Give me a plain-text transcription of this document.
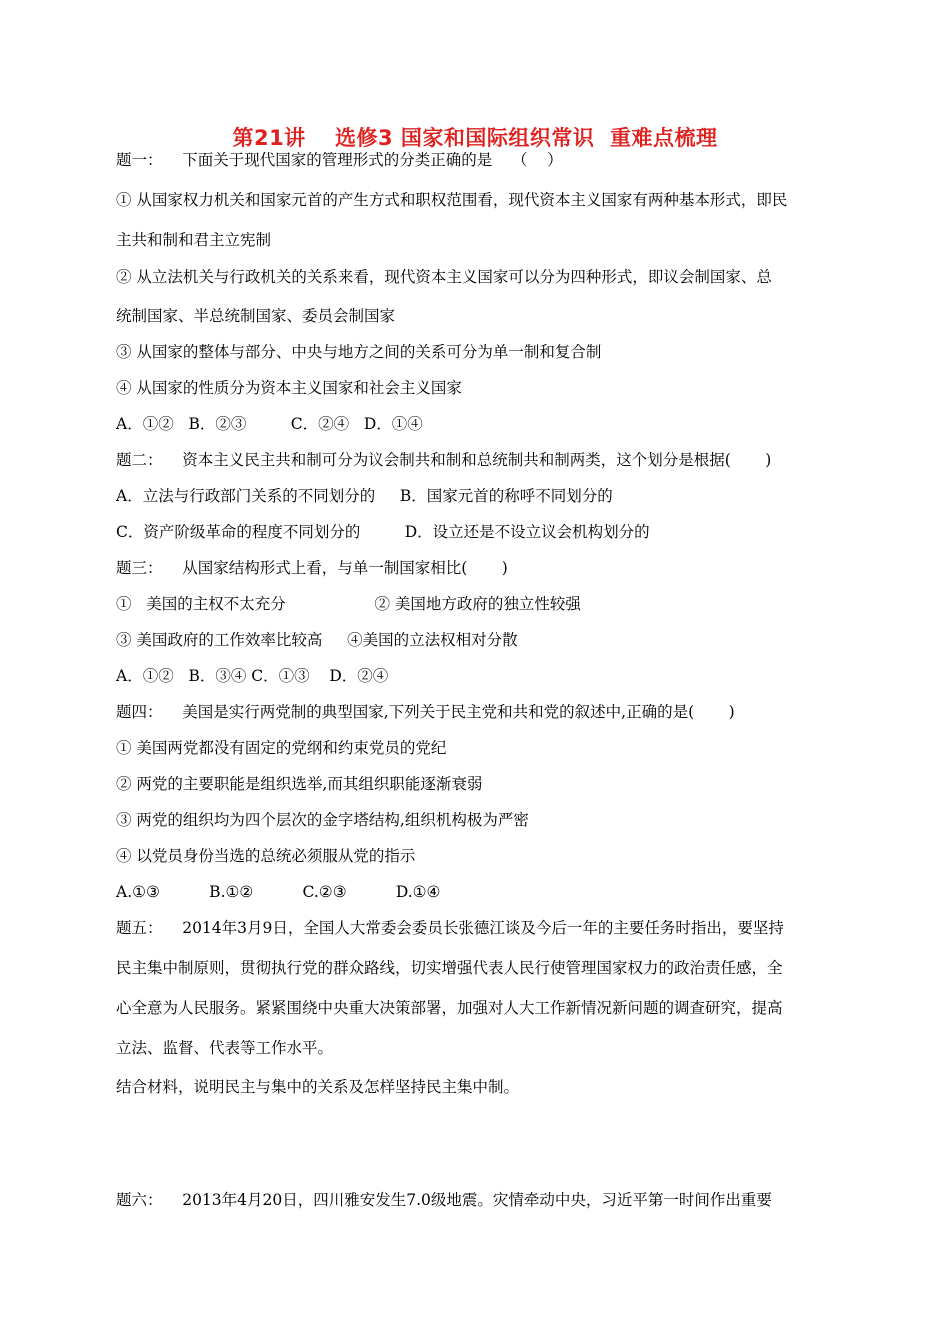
第21讲　 选修3 国家和国际组织常识  重难点梳理
题一：    下面关于现代国家的管理形式的分类正确的是    （    ）
① 从国家权力机关和国家元首的产生方式和职权范围看，现代资本主义国家有两种基本形式，即民
主共和制和君主立宪制
② 从立法机关与行政机关的关系来看，现代资本主义国家可以分为四种形式，即议会制国家、总
统制国家、半总统制国家、委员会制国家
③ 从国家的整体与部分、中央与地方之间的关系可分为单一制和复合制
④ 从国家的性质分为资本主义国家和社会主义国家
A．①②   B．②③         C．②④   D．①④
题二：    资本主义民主共和制可分为议会制共和制和总统制共和制两类，这个划分是根据(       )
A．立法与行政部门关系的不同划分的     B．国家元首的称呼不同划分的
C．资产阶级革命的程度不同划分的         D．设立还是不设立议会机构划分的
题三：    从国家结构形式上看，与单一制国家相比(       )
①   美国的主权不太充分                  ② 美国地方政府的独立性较强
③ 美国政府的工作效率比较高     ④美国的立法权相对分散
A．①②   B．③④ C．①③    D．②④
题四：    美国是实行两党制的典型国家,下列关于民主党和共和党的叙述中,正确的是(       )
① 美国两党都没有固定的党纲和约束党员的党纪
② 两党的主要职能是组织选举,而其组织职能逐渐衰弱
③ 两党的组织均为四个层次的金字塔结构,组织机构极为严密
④ 以党员身份当选的总统必须服从党的指示
A.①③          B.①②          C.②③          D.①④
题五：    2014年3月9日，全国人大常委会委员长张德江谈及今后一年的主要任务时指出，要坚持
民主集中制原则，贯彻执行党的群众路线，切实增强代表人民行使管理国家权力的政治责任感，全
心全意为人民服务。紧紧围绕中央重大决策部署，加强对人大工作新情况新问题的调查研究，提高
立法、监督、代表等工作水平。
结合材料，说明民主与集中的关系及怎样坚持民主集中制。
题六：    2013年4月20日，四川雅安发生7.0级地震。灾情牵动中央，习近平第一时间作出重要
